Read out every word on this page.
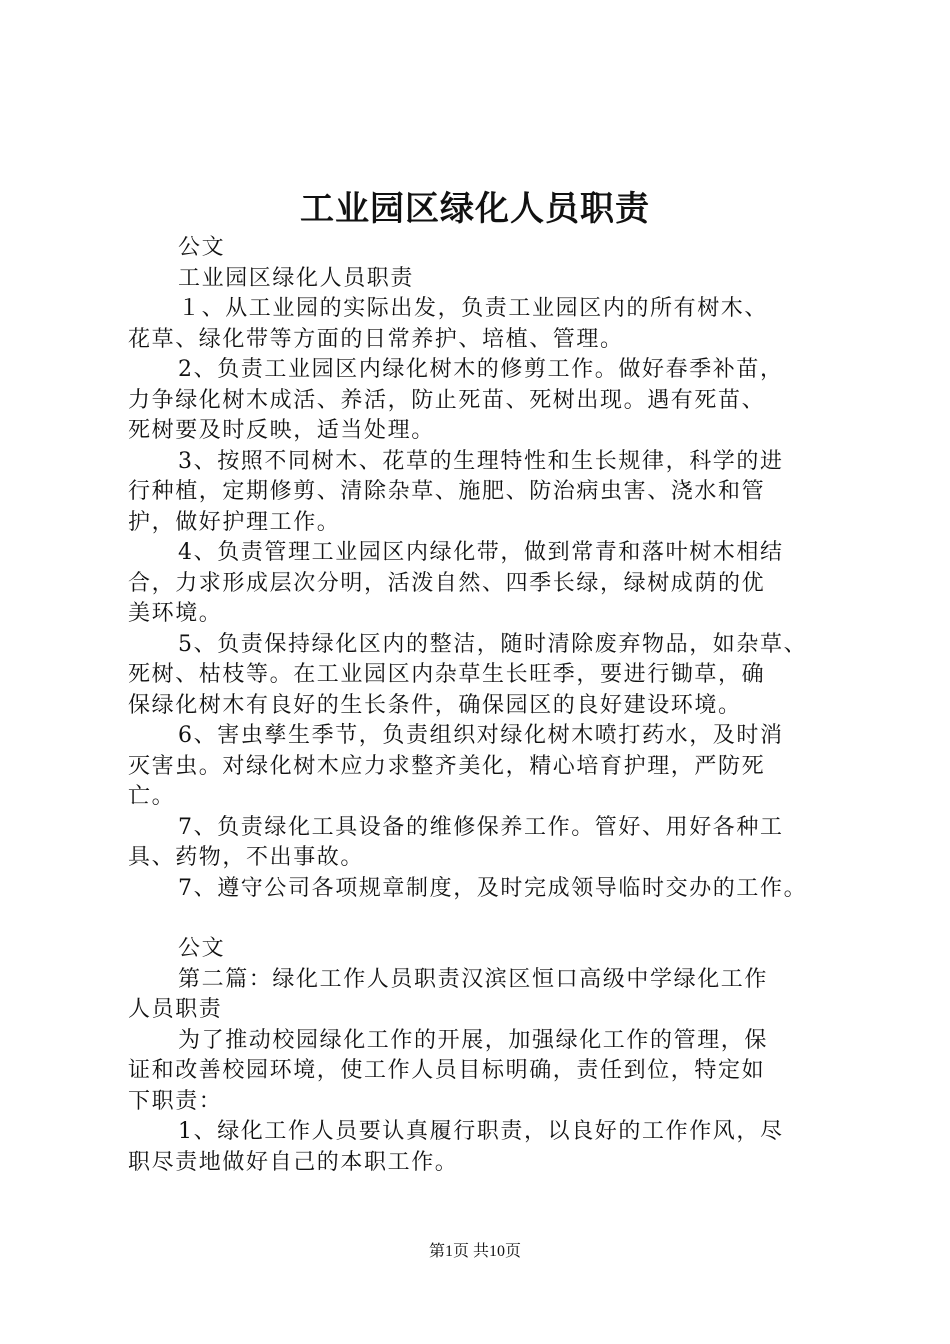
工业园区绿化人员职责
公文
工业园区绿化人员职责
１、从工业园的实际出发，负责工业园区内的所有树木、
花草、绿化带等方面的日常养护、培植、管理。
2、负责工业园区内绿化树木的修剪工作。做好春季补苗，
力争绿化树木成活、养活，防止死苗、死树出现。遇有死苗、
死树要及时反映，适当处理。
3、按照不同树木、花草的生理特性和生长规律，科学的进
行种植，定期修剪、清除杂草、施肥、防治病虫害、浇水和管
护，做好护理工作。
4、负责管理工业园区内绿化带，做到常青和落叶树木相结
合，力求形成层次分明，活泼自然、四季长绿，绿树成荫的优
美环境。
5、负责保持绿化区内的整洁，随时清除废弃物品，如杂草、
死树、枯枝等。在工业园区内杂草生长旺季，要进行锄草，确
保绿化树木有良好的生长条件，确保园区的良好建设环境。
6、害虫孳生季节，负责组织对绿化树木喷打药水，及时消
灭害虫。对绿化树木应力求整齐美化，精心培育护理，严防死
亡。
7、负责绿化工具设备的维修保养工作。管好、用好各种工
具、药物，不出事故。
7、遵守公司各项规章制度，及时完成领导临时交办的工作。
公文
第二篇：绿化工作人员职责汉滨区恒口高级中学绿化工作
人员职责
为了推动校园绿化工作的开展，加强绿化工作的管理，保
证和改善校园环境，使工作人员目标明确，责任到位，特定如
下职责：
1、绿化工作人员要认真履行职责，以良好的工作作风，尽
职尽责地做好自己的本职工作。
第1页 共10页
